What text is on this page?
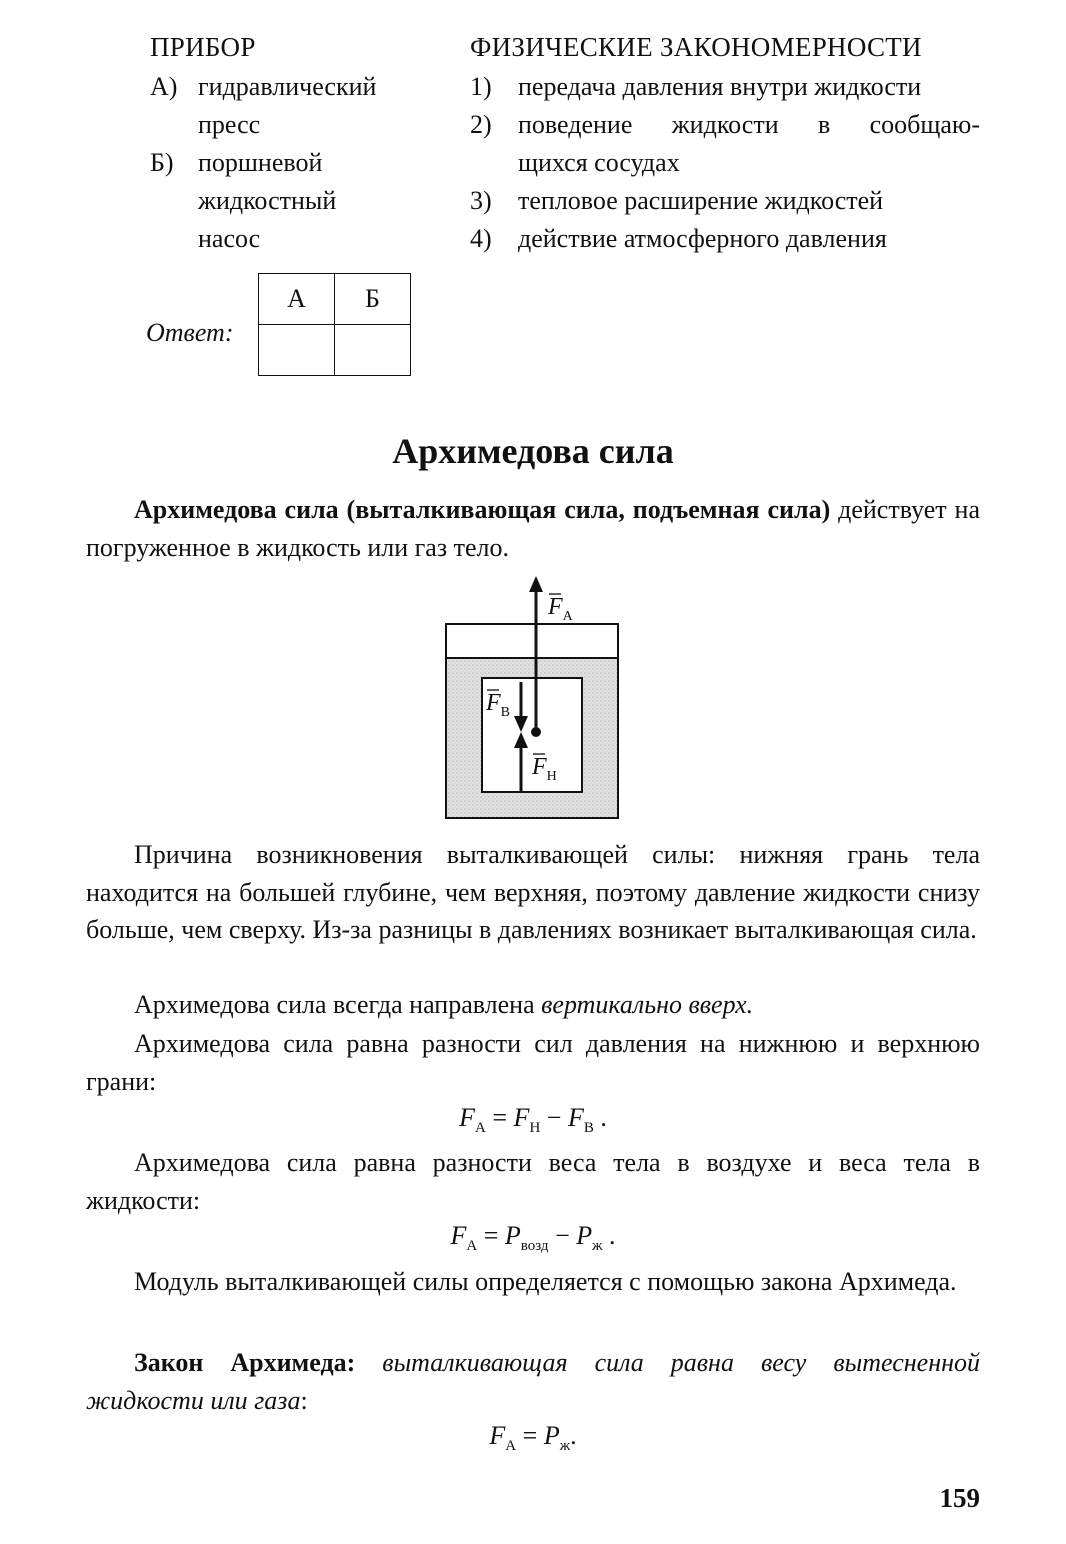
ПРИБОР	ФИЗИЧЕСКИЕ ЗАКОНОМЕРНОСТИ
А) гидравлический
пресс
Б) поршневой
жидкостный
насос
1) передача давления внутри жидкости
2)	поведение жидкости в сообщаю-
щихся сосудах
3) тепловое расширение жидкостей
4) действие атмосферного давления
Ответ:
А	Б

Архимедова сила
Архимедова сила (выталкивающая сила, подъемная сила) действует на погруженное в жидкость или газ тело.
$F_А$
$F_В$
$F_Н$
Причина возникновения выталкивающей силы: нижняя грань тела находится на большей глубине, чем верхняя, поэтому давление жидкости снизу больше, чем сверху. Из-за разницы в давлениях возникает выталкивающая сила.
Архимедова сила всегда направлена вертикально вверх.
Архимедова сила равна разности сил давления на нижнюю и верхнюю грани:
$F_А = F_Н - F_В$ .
Архимедова сила равна разности веса тела в воздухе и веса тела в жидкости:
$F_А = P_{возд} - P_ж$ .
Модуль выталкивающей силы определяется с помощью закона Архимеда.
Закон Архимеда: выталкивающая сила равна весу вытесненной жидкости или газа:
$F_А = P_ж$.
159
